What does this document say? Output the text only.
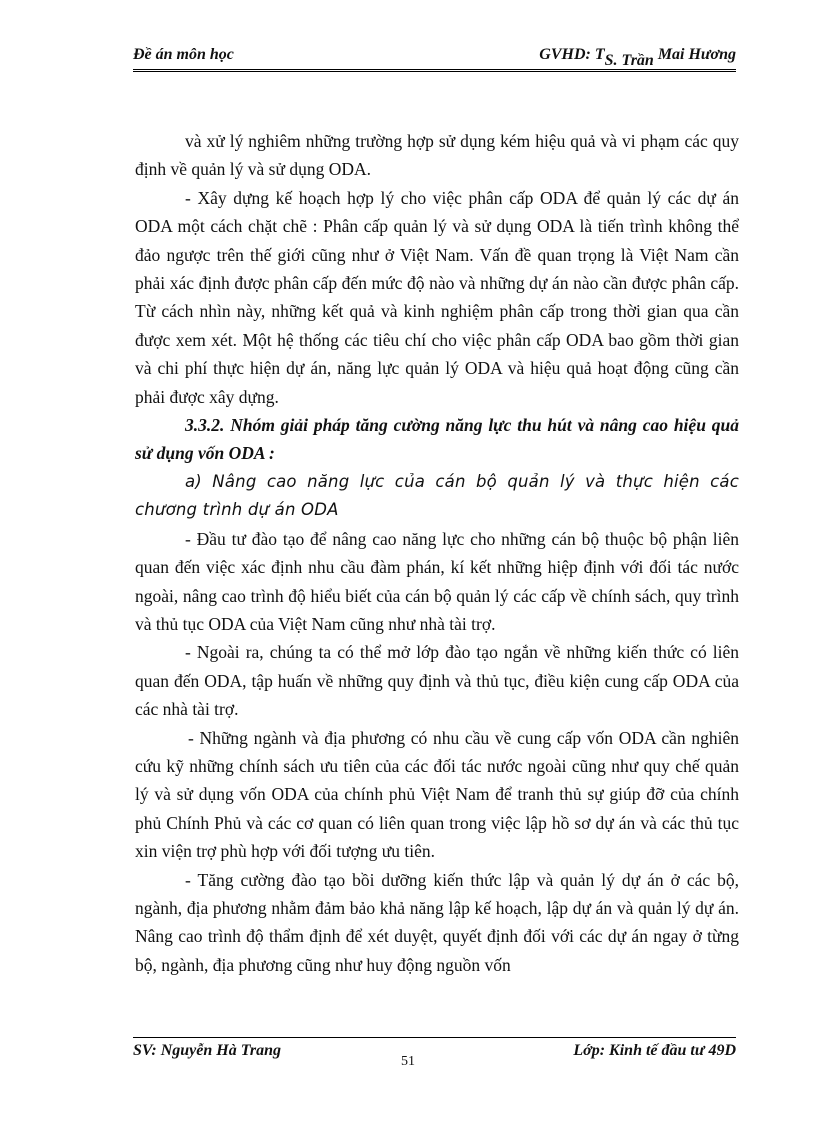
Đề án môn học	GVHD: TS. Trần Mai Hương

và xử lý nghiêm những trường hợp sử dụng kém hiệu quả và vi phạm các quy định về quản lý và sử dụng ODA.

- Xây dựng kế hoạch hợp lý cho việc phân cấp ODA để quản lý các dự án ODA một cách chặt chẽ : Phân cấp quản lý và sử dụng ODA là tiến trình không thể đảo ngược trên thế giới cũng như ở Việt Nam. Vấn đề quan trọng là Việt Nam cần phải xác định được phân cấp đến mức độ nào và những dự án nào cần được phân cấp. Từ cách nhìn này, những kết quả và kinh nghiệm phân cấp trong thời gian qua cần được xem xét. Một hệ thống các tiêu chí cho việc phân cấp ODA bao gồm thời gian và chi phí thực hiện dự án, năng lực quản lý ODA và hiệu quả hoạt động cũng cần phải được xây dựng.

3.3.2. Nhóm giải pháp tăng cường năng lực thu hút và nâng cao hiệu quả sử dụng vốn ODA :

a) Nâng cao năng lực của cán bộ quản lý và thực hiện các chương trình dự án ODA

- Đầu tư đào tạo để nâng cao năng lực cho những cán bộ thuộc bộ phận liên quan đến việc xác định nhu cầu đàm phán, kí kết những hiệp định với đối tác nước ngoài, nâng cao trình độ hiểu biết của cán bộ quản lý các cấp về chính sách, quy trình và thủ tục ODA của Việt Nam cũng như nhà tài trợ.

- Ngoài ra, chúng ta có thể mở lớp đào tạo ngắn về những kiến thức có liên quan đến ODA, tập huấn về những quy định và thủ tục, điều kiện cung cấp ODA của các nhà tài trợ.

- Những ngành và địa phương có nhu cầu về cung cấp vốn ODA cần nghiên cứu kỹ những chính sách ưu tiên của các đối tác nước ngoài cũng như quy chế quản lý và sử dụng vốn ODA của chính phủ Việt Nam để tranh thủ sự giúp đỡ của chính phủ Chính Phủ và các cơ quan có liên quan trong việc lập hồ sơ dự án và các thủ tục xin viện trợ phù hợp với đối tượng ưu tiên.

- Tăng cường đào tạo bồi dưỡng kiến thức lập và quản lý dự án ở các bộ, ngành, địa phương nhằm đảm bảo khả năng lập kế hoạch, lập dự án và quản lý dự án. Nâng cao trình độ thẩm định để xét duyệt, quyết định đối với các dự án ngay ở từng bộ, ngành, địa phương cũng như huy động nguồn vốn

SV: Nguyễn Hà Trang	Lớp: Kinh tế đầu tư 49D
51
